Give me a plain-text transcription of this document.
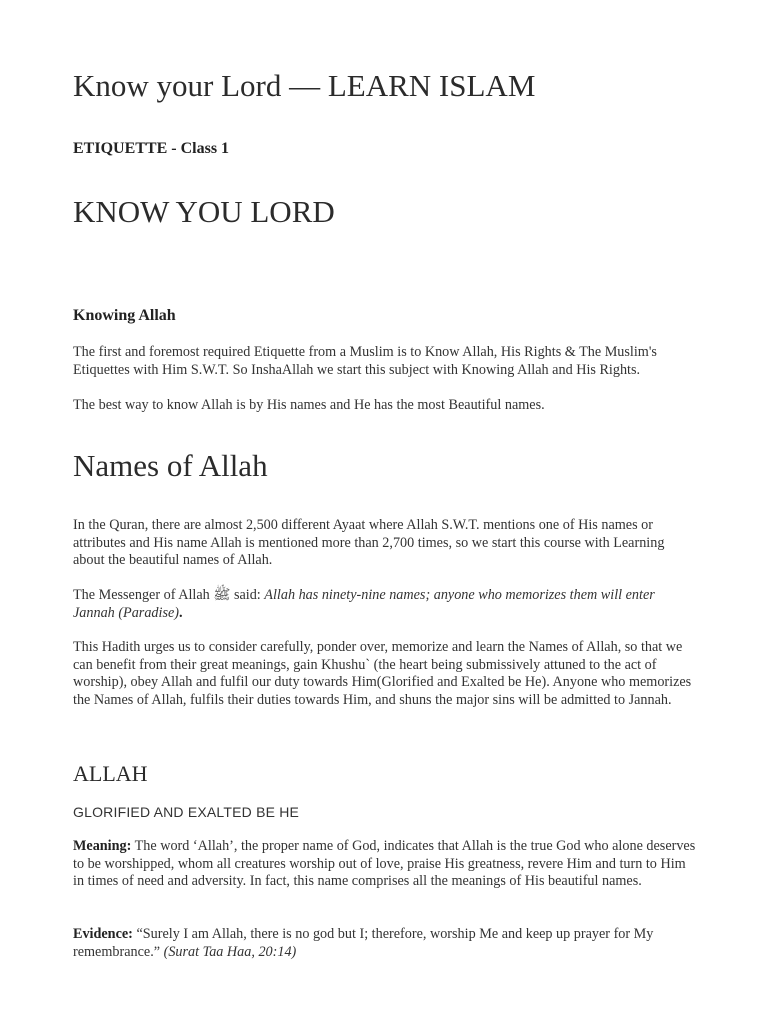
Know your Lord — LEARN ISLAM
ETIQUETTE - Class 1
KNOW YOU LORD
Knowing Allah

The first and foremost required Etiquette from a Muslim is to Know Allah, His Rights & The Muslim's Etiquettes with Him S.W.T. So InshaAllah we start this subject with Knowing Allah and His Rights.

The best way to know Allah is by His names and He has the most Beautiful names.

Names of Allah

In the Quran, there are almost 2,500 different Ayaat where Allah S.W.T. mentions one of His names or attributes and His name Allah is mentioned more than 2,700 times, so we start this course with Learning about the beautiful names of Allah.

The Messenger of Allah ﷺ said: Allah has ninety-nine names; anyone who memorizes them will enter Jannah (Paradise).

This Hadith urges us to consider carefully, ponder over, memorize and learn the Names of Allah, so that we can benefit from their great meanings, gain Khushu` (the heart being submissively attuned to the act of worship), obey Allah and fulfil our duty towards Him(Glorified and Exalted be He). Anyone who memorizes the Names of Allah, fulfils their duties towards Him, and shuns the major sins will be admitted to Jannah.

ALLAH
GLORIFIED AND EXALTED BE HE

Meaning: The word ‘Allah’, the proper name of God, indicates that Allah is the true God who alone deserves to be worshipped, whom all creatures worship out of love, praise His greatness, revere Him and turn to Him in times of need and adversity. In fact, this name comprises all the meanings of His beautiful names.

Evidence: “Surely I am Allah, there is no god but I; therefore, worship Me and keep up prayer for My remembrance.” (Surat Taa Haa, 20:14)
